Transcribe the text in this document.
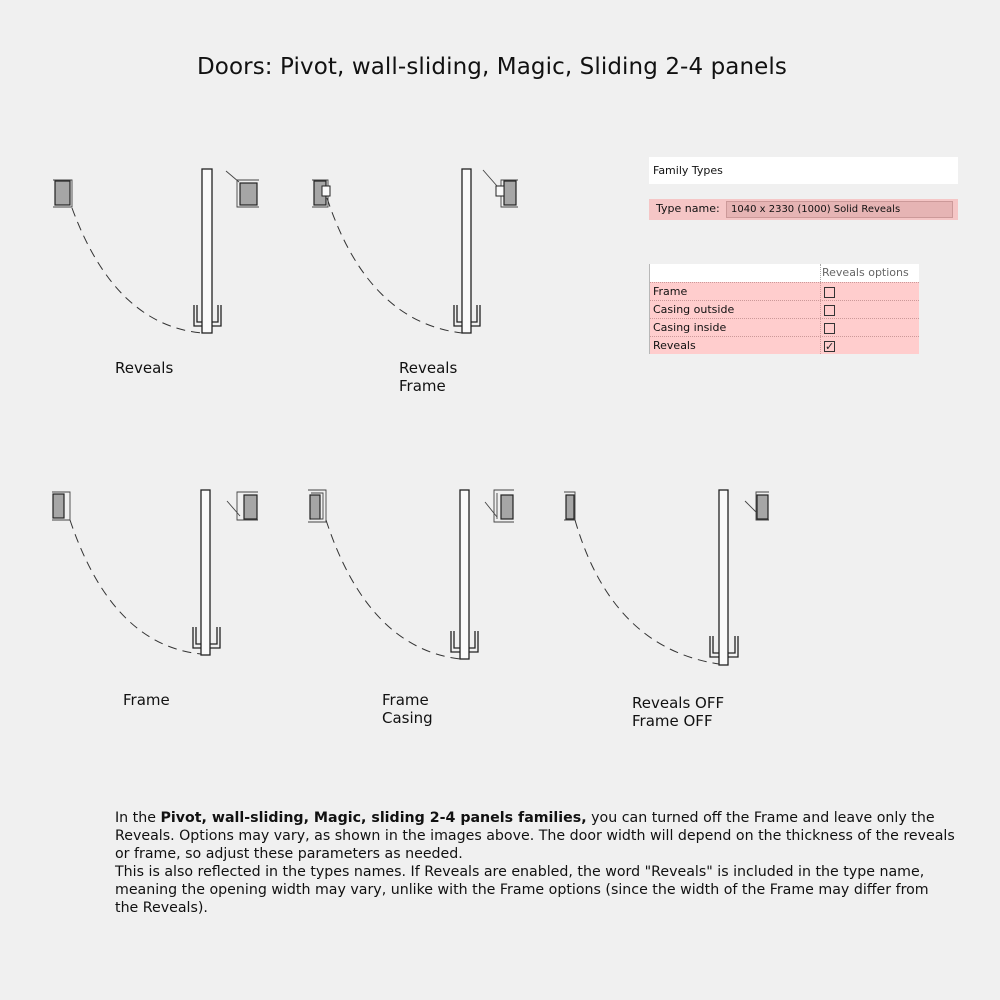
Doors: Pivot, wall-sliding, Magic, Sliding 2-4 panels
Reveals	Reveals
Frame
Frame	Frame
Casing
Reveals OFF
Frame OFF
Family Types
Type name:	1040 x 2330 (1000) Solid Reveals
Reveals options
Frame
Casing outside
Casing inside
Reveals	✓
In the Pivot, wall-sliding, Magic, sliding 2-4 panels families, you can turned off the Frame and leave only the Reveals. Options may vary, as shown in the images above. The door width will depend on the thickness of the reveals or frame, so adjust these parameters as needed.
This is also reflected in the types names. If Reveals are enabled, the word "Reveals" is included in the type name, meaning the opening width may vary, unlike with the Frame options (since the width of the Frame may differ from the Reveals).
